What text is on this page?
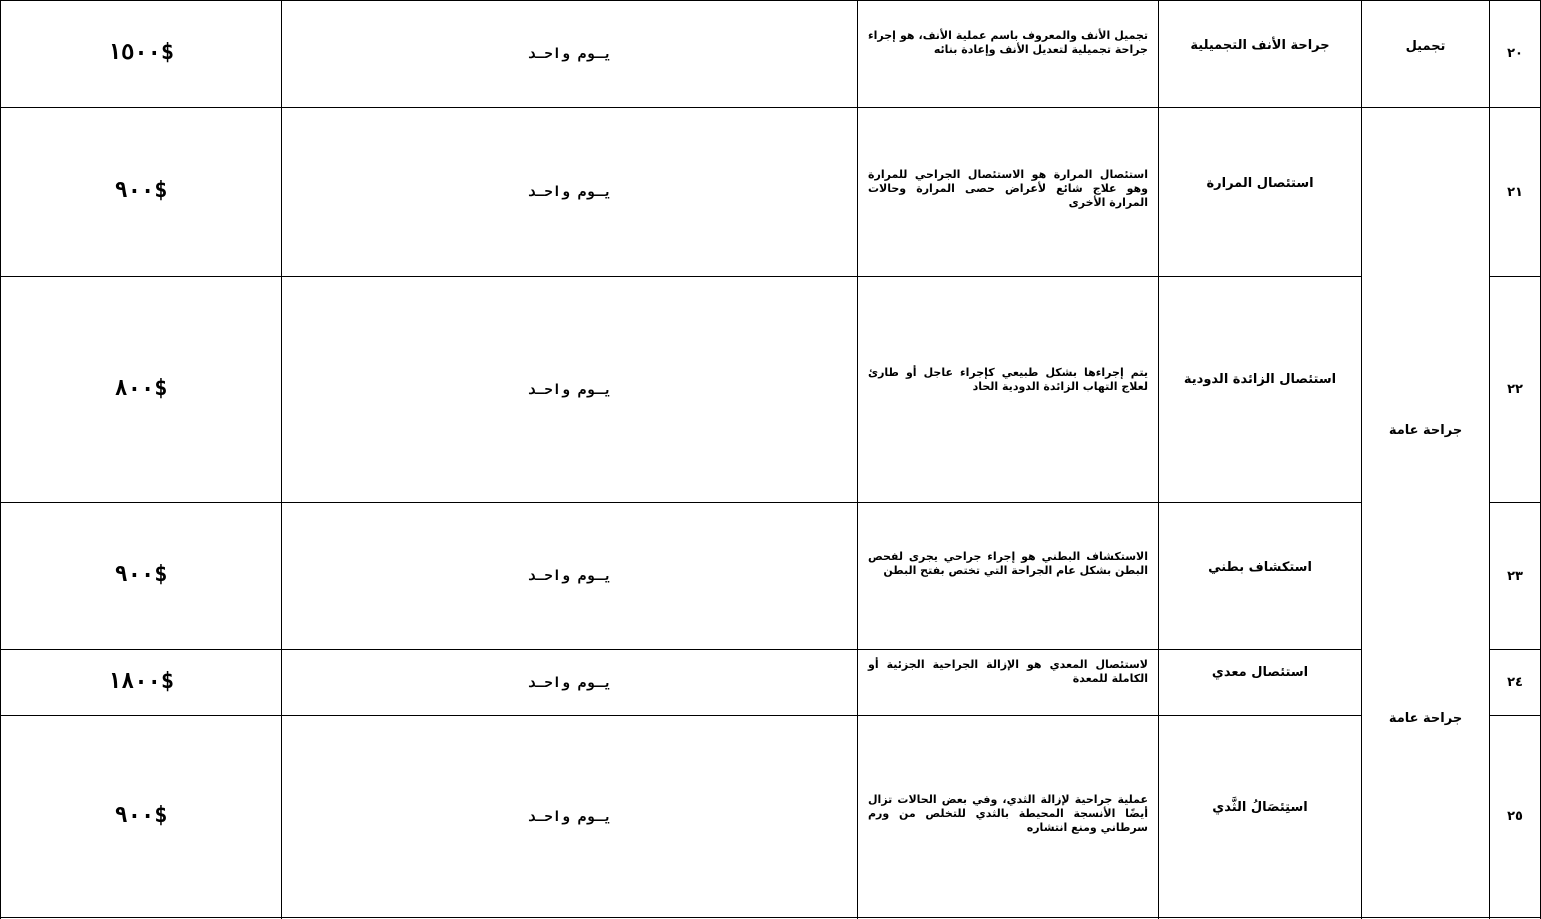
تجميل
جراحة عامة
جراحة عامة
٢٠
جراحة الأنف التجميلية
تجميل الأنف والمعروف باسم عملية الأنف، هو إجراء جراحة تجميلية لتعديل الأنف وإعادة بنائه
يـوم واحـد
١٥٠٠$
٢١
استئصال المرارة
استئصال المرارة هو الاستئصال الجراحي للمرارة وهو علاج شائع لأعراض حصى المرارة وحالات المرارة الأخرى
يـوم واحـد
٩٠٠$
٢٢
استئصال الزائدة الدودية
يتم إجراءها بشكل طبيعي كإجراء عاجل أو طارئ لعلاج التهاب الزائدة الدودية الحاد
يـوم واحـد
٨٠٠$
٢٣
استكشاف بطني
الاستكشاف البطني هو إجراء جراحي يجرى لفحص البطن بشكل عام الجراحة التي تختص بفتح البطن
يـوم واحـد
٩٠٠$
٢٤
استئصال معدي
لاستئصال المعدي هو الإزالة الجراحية الجزئية أو الكاملة للمعدة
يـوم واحـد
١٨٠٠$
٢٥
استِئصَالُ الثَّدي
عملية جراحية لإزالة الثدي، وفي بعض الحالات تزال أيضًا الأنسجة المحيطة بالثدي للتخلص من ورم سرطاني ومنع انتشاره
يـوم واحـد
٩٠٠$
